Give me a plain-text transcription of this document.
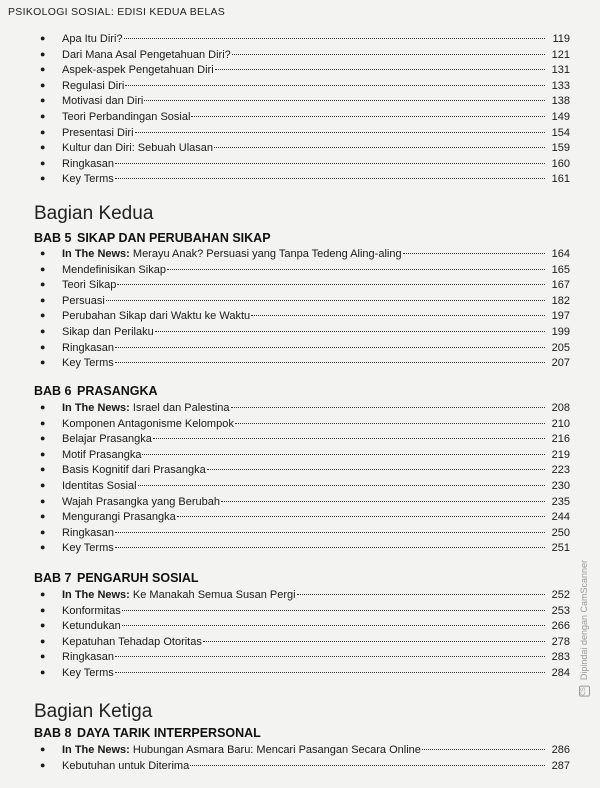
PSIKOLOGI SOSIAL: EDISI KEDUA BELAS
●	Apa Itu Diri?	119
●	Dari Mana Asal Pengetahuan Diri?	121
●	Aspek-aspek Pengetahuan Diri	131
●	Regulasi Diri	133
●	Motivasi dan Diri	138
●	Teori Perbandingan Sosial	149
●	Presentasi Diri	154
●	Kultur dan Diri: Sebuah Ulasan	159
●	Ringkasan	160
●	Key Terms	161
Bagian Kedua
BAB 5 SIKAP DAN PERUBAHAN SIKAP
●	In The News: Merayu Anak? Persuasi yang Tanpa Tedeng Aling-aling	164
●	Mendefinisikan Sikap	165
●	Teori Sikap	167
●	Persuasi	182
●	Perubahan Sikap dari Waktu ke Waktu	197
●	Sikap dan Perilaku	199
●	Ringkasan	205
●	Key Terms	207
BAB 6 PRASANGKA
●	In The News: Israel dan Palestina	208
●	Komponen Antagonisme Kelompok	210
●	Belajar Prasangka	216
●	Motif Prasangka	219
●	Basis Kognitif dari Prasangka	223
●	Identitas Sosial	230
●	Wajah Prasangka yang Berubah	235
●	Mengurangi Prasangka	244
●	Ringkasan	250
●	Key Terms	251
BAB 7 PENGARUH SOSIAL
●	In The News: Ke Manakah Semua Susan Pergi	252
●	Konformitas	253
●	Ketundukan	266
●	Kepatuhan Tehadap Otoritas	278
●	Ringkasan	283
●	Key Terms	284
Bagian Ketiga
BAB 8 DAYA TARIK INTERPERSONAL
●	In The News: Hubungan Asmara Baru: Mencari Pasangan Secara Online	286
●	Kebutuhan untuk Diterima	287
CS Dipindai dengan CamScanner
